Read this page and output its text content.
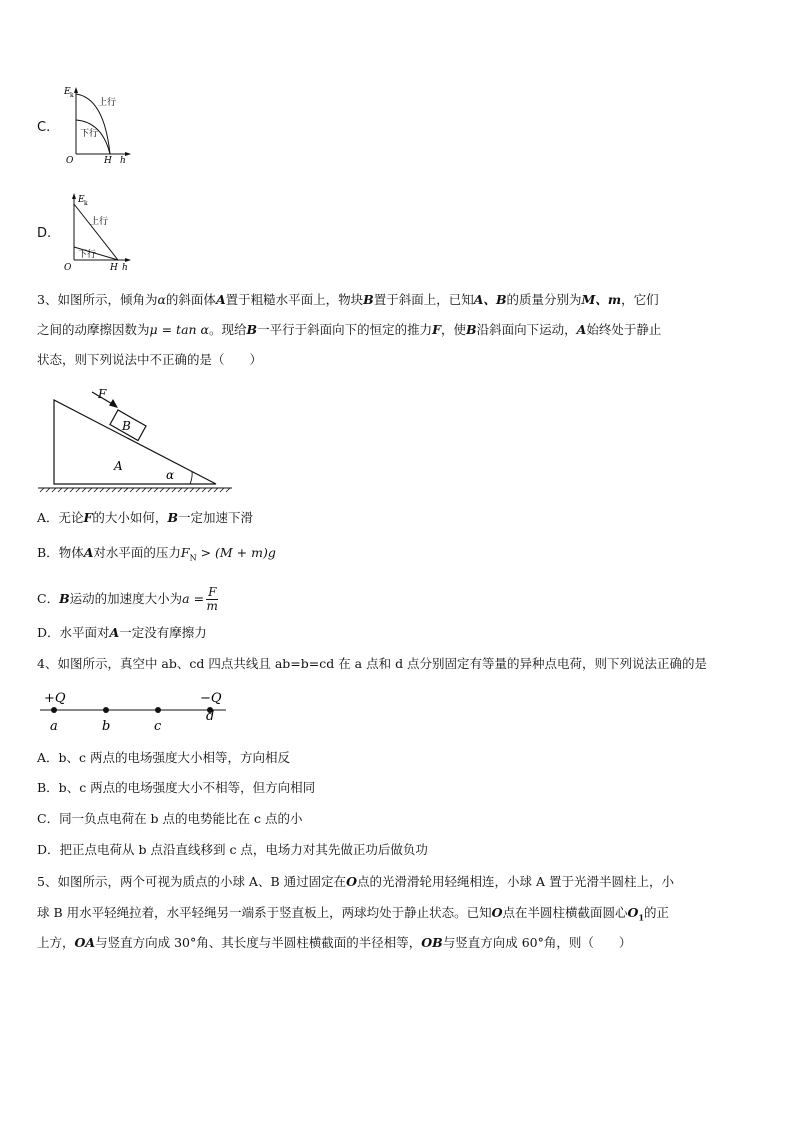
C.
E k
上行
下行
O	H h
D.
E k
上行
下行
O	H h
3、如图所示，倾角为α的斜面体A置于粗糙水平面上，物块B置于斜面上，已知A、B的质量分别为M、m，它们
之间的动摩擦因数为μ = tan α。现给B一平行于斜面向下的恒定的推力F，使B沿斜面向下运动，A始终处于静止
状态，则下列说法中不正确的是（　　）
F
B
A
α
A．无论F的大小如何，B一定加速下滑
B．物体A对水平面的压力$F_N > (M + m)g$
C．B运动的加速度大小为$a = \frac{F}{m}$
D．水平面对A一定没有摩擦力
4、如图所示，真空中 ab、cd 四点共线且 ab=b=cd 在 a 点和 d 点分别固定有等量的异种点电荷，则下列说法正确的是
+Q	−Q
a	b	c
d
A．b、c 两点的电场强度大小相等，方向相反
B．b、c 两点的电场强度大小不相等，但方向相同
C．同一负点电荷在 b 点的电势能比在 c 点的小
D．把正点电荷从 b 点沿直线移到 c 点，电场力对其先做正功后做负功
5、如图所示，两个可视为质点的小球 A、B 通过固定在O点的光滑滑轮用轻绳相连，小球 A 置于光滑半圆柱上，小
球 B 用水平轻绳拉着，水平轻绳另一端系于竖直板上，两球均处于静止状态。已知O点在半圆柱横截面圆心$O_1$的正
上方，OA与竖直方向成 30°角、其长度与半圆柱横截面的半径相等，OB与竖直方向成 60°角，则（　　）
